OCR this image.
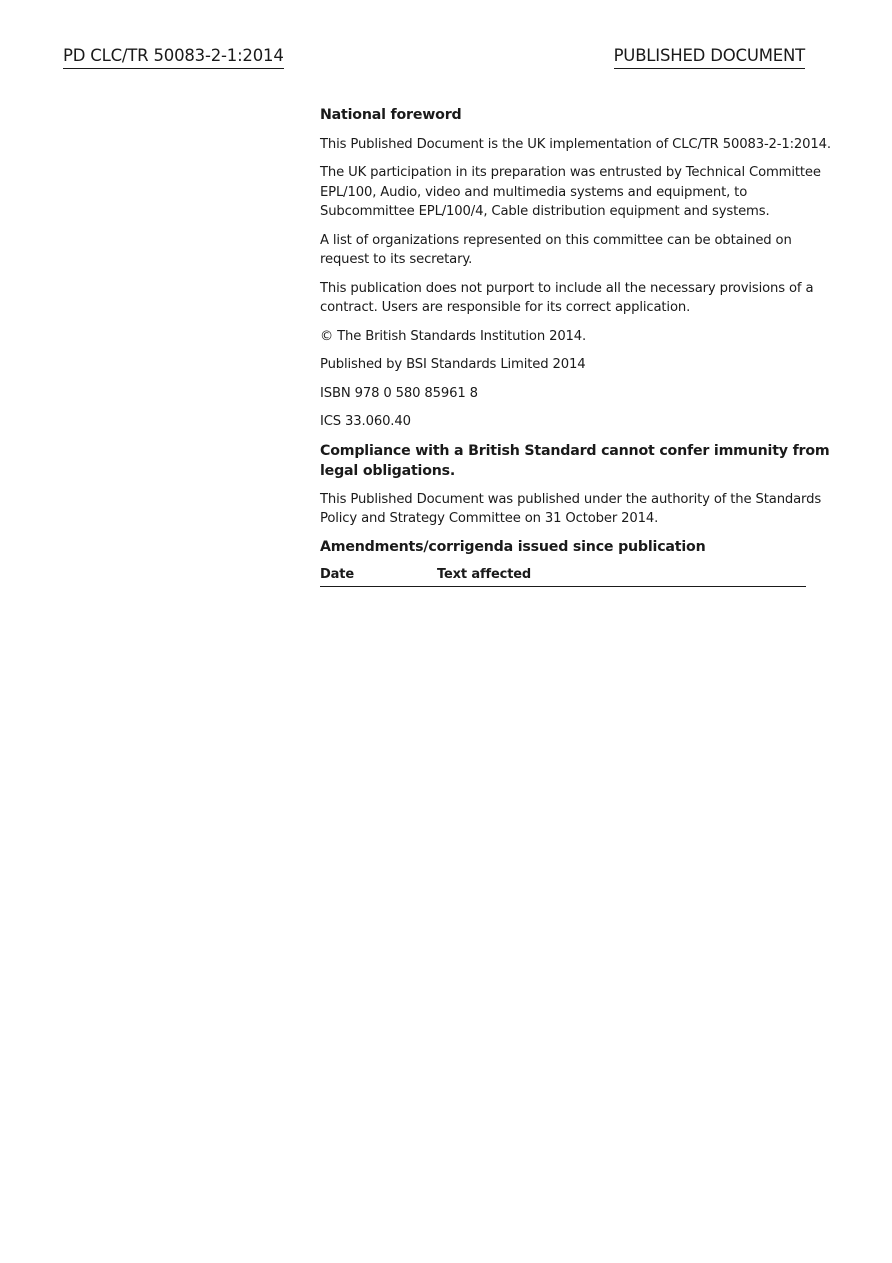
PD CLC/TR 50083-2-1:2014	PUBLISHED DOCUMENT

National foreword

This Published Document is the UK implementation of CLC/TR 50083-2-1:2014.

The UK participation in its preparation was entrusted by Technical Committee EPL/100, Audio, video and multimedia systems and equipment, to Subcommittee EPL/100/4, Cable distribution equipment and systems.

A list of organizations represented on this committee can be obtained on request to its secretary.

This publication does not purport to include all the necessary provisions of a contract. Users are responsible for its correct application.

© The British Standards Institution 2014.

Published by BSI Standards Limited 2014

ISBN 978 0 580 85961 8

ICS 33.060.40

Compliance with a British Standard cannot confer immunity from legal obligations.

This Published Document was published under the authority of the Standards Policy and Strategy Committee on 31 October 2014.

Amendments/corrigenda issued since publication

Date	Text affected
